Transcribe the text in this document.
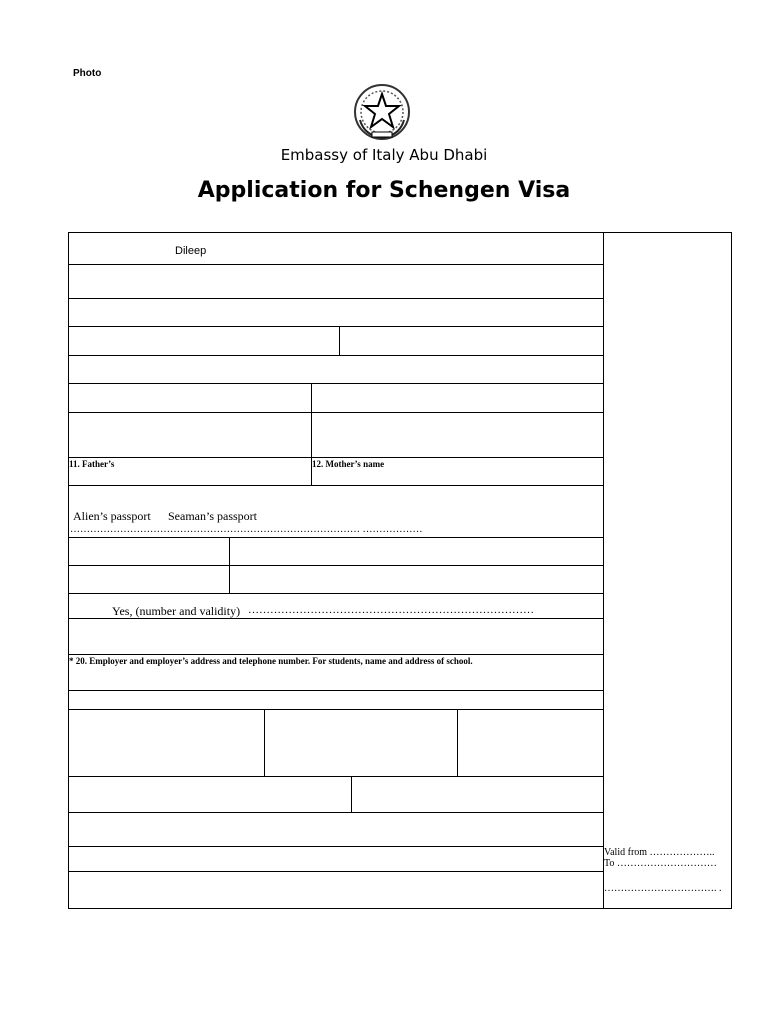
Photo
Embassy of Italy Abu Dhabi
Application for Schengen Visa
Dileep
11. Father’s	12. Mother’s name
Alien’s passport Seaman’s passport
…………………………………………………………………………… ………………
Yes, (number and validity) ……………………………………………………………………
* 20. Employer and employer’s address and telephone number. For students, name and address of school.
Valid from ………………..
To …………………………
……………………………. .
